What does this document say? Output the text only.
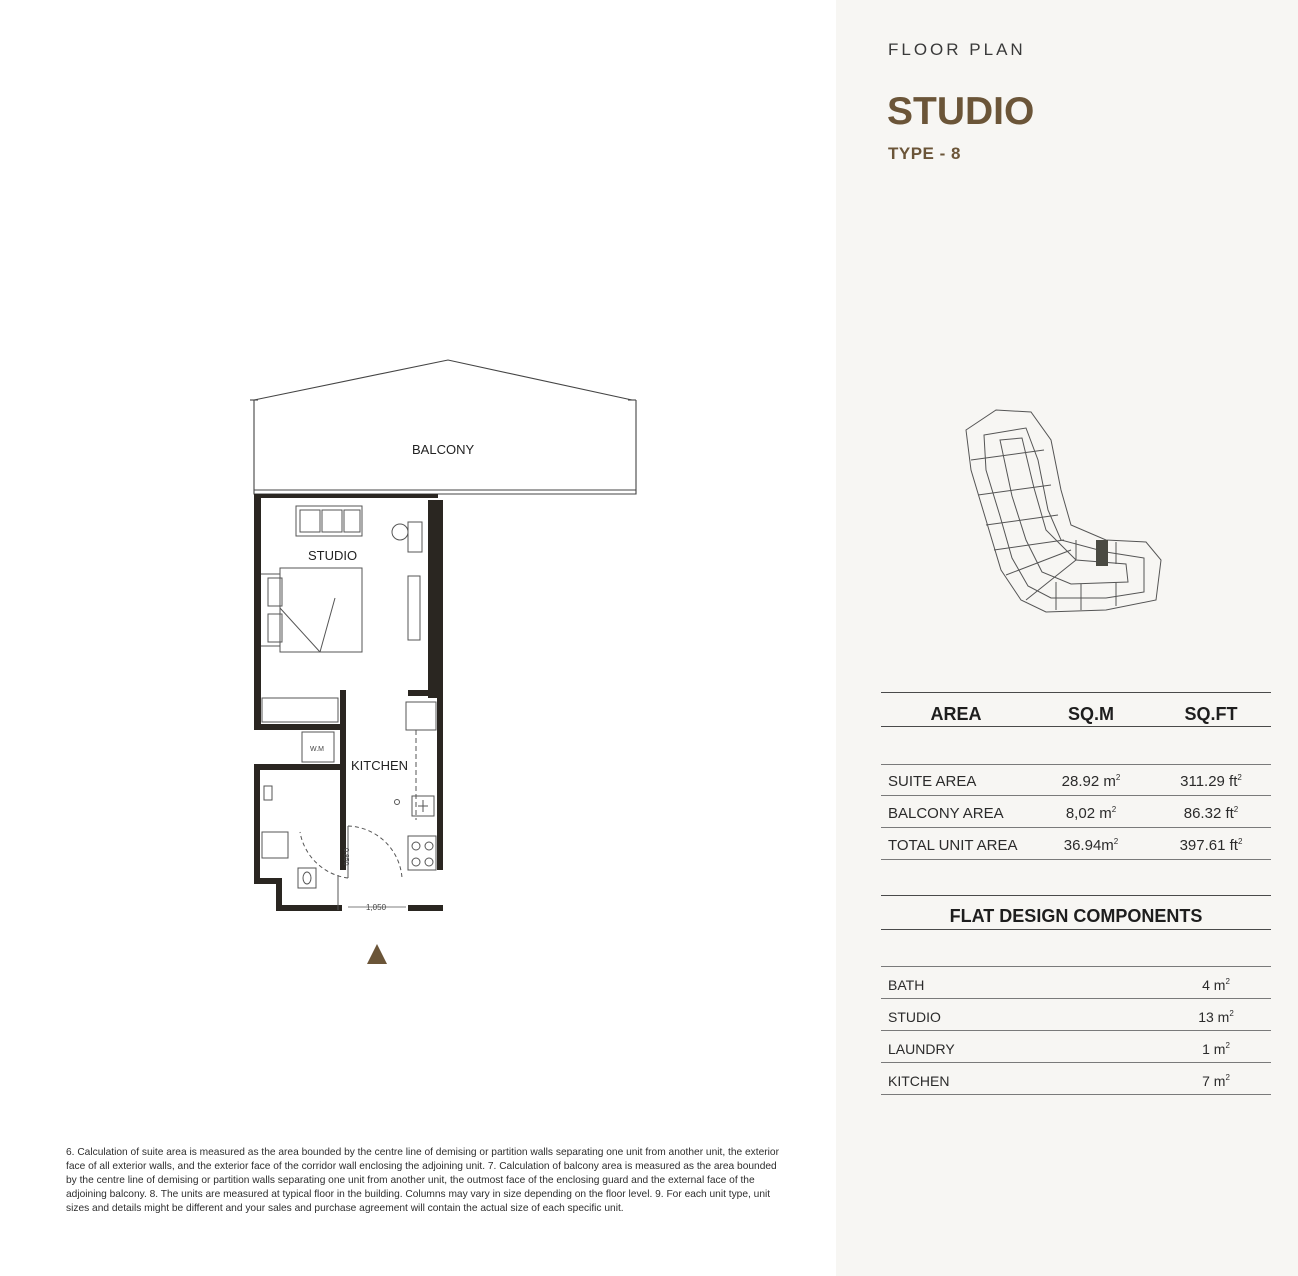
BALCONY
STUDIO
KITCHEN
W.M
1,050
0.850
6. Calculation of suite area is measured as the area bounded by the centre line of demising or partition walls separating one unit from another unit, the exterior face of all exterior walls, and the exterior face of the corridor wall enclosing the adjoining unit. 7. Calculation of balcony area is measured as the area bounded by the centre line of demising or partition walls separating one unit from another unit, the outmost face of the enclosing guard and the external face of the adjoining balcony. 8. The units are measured at typical floor in the building. Columns may vary in size depending on the floor level. 9. For each unit type, unit sizes and details might be different and your sales and purchase agreement will contain the actual size of each specific unit.
FLOOR PLAN
STUDIO
TYPE - 8
AREA	SQ.M	SQ.FT
SUITE AREA	28.92 $m^2$	311.29 $ft^2$
BALCONY AREA	8,02 $m^2$	86.32 $ft^2$
TOTAL UNIT AREA	$36.94m^2$	397.61 $ft^2$
FLAT DESIGN COMPONENTS
BATH	4 $m^2$
STUDIO	13 $m^2$
LAUNDRY	1 $m^2$
KITCHEN	7 $m^2$
